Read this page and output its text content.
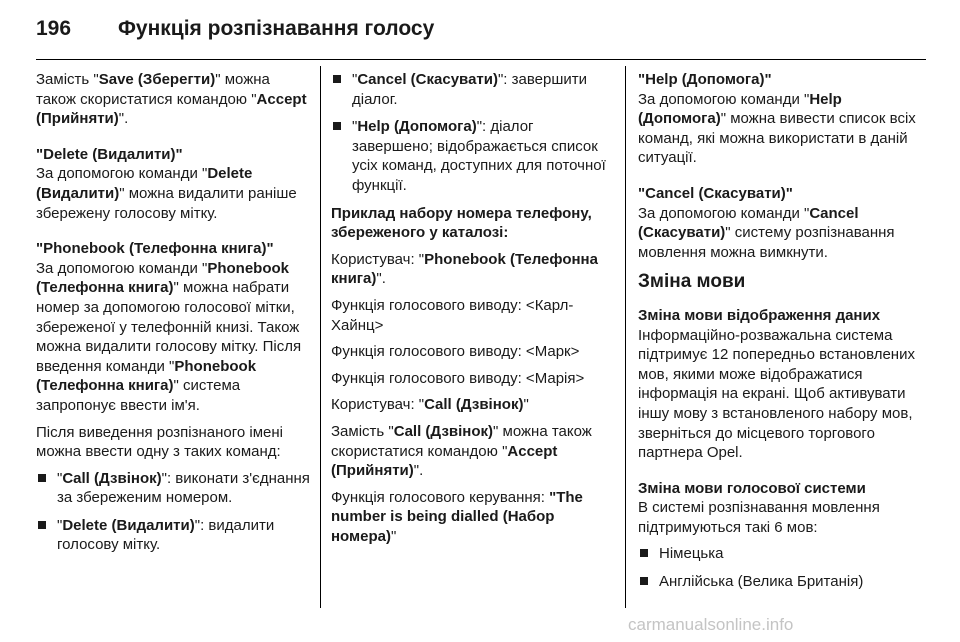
196 Функція розпізнавання голосу

Замість "Save (Зберегти)" можна також скористатися командою "Accept (Прийняти)".

"Delete (Видалити)"

За допомогою команди "Delete (Видалити)" можна видалити раніше збережену голосову мітку.

"Phonebook (Телефонна книга)"

За допомогою команди "Phonebook (Телефонна книга)" можна набрати номер за допомогою голосової мітки, збереженої у телефонній книзі. Також можна видалити голосову мітку. Після введення команди "Phonebook (Телефонна книга)" система запропонує ввести ім'я.

Після виведення розпізнаного імені можна ввести одну з таких команд:

"Call (Дзвінок)": виконати з'єднання за збереженим номером.
"Delete (Видалити)": видалити голосову мітку.
"Cancel (Скасувати)": завершити діалог.
"Help (Допомога)": діалог завершено; відображається список усіх команд, доступних для поточної функції.

Приклад набору номера телефону, збереженого у каталозі:

Користувач: "Phonebook (Телефонна книга)".

Функція голосового виводу: <Карл-Хайнц>

Функція голосового виводу: <Марк>

Функція голосового виводу: <Марія>

Користувач: "Call (Дзвінок)"

Замість "Call (Дзвінок)" можна також скористатися командою "Accept (Прийняти)".

Функція голосового керування: "The number is being dialled (Набор номера)"

"Help (Допомога)"

За допомогою команди "Help (Допомога)" можна вивести список всіх команд, які можна використати в даній ситуації.

"Cancel (Скасувати)"

За допомогою команди "Cancel (Скасувати)" систему розпізнавання мовлення можна вимкнути.

Зміна мови

Зміна мови відображення даних

Інформаційно-розважальна система підтримує 12 попередньо встановлених мов, якими може відображатися інформація на екрані. Щоб активувати іншу мову з встановленого набору мов, зверніться до місцевого торгового партнера Opel.

Зміна мови голосової системи

В системі розпізнавання мовлення підтримуються такі 6 мов:

Німецька
Англійська (Велика Британія)
carmanualsonline.info
